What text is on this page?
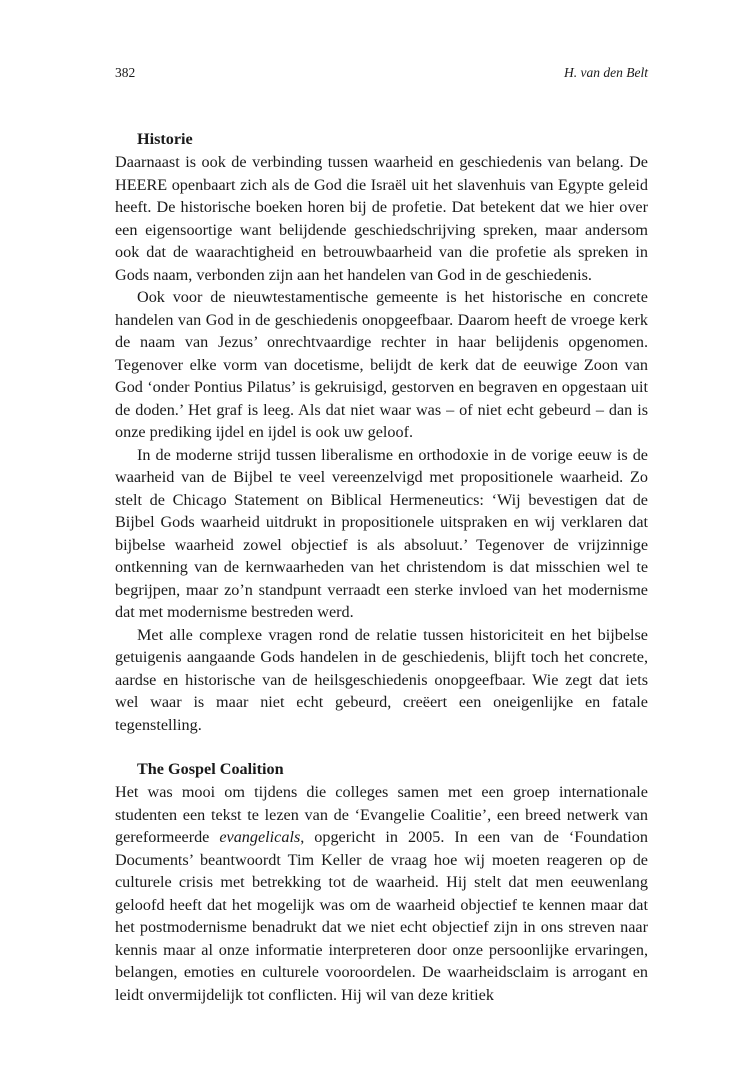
382	H. van den Belt
Historie

Daarnaast is ook de verbinding tussen waarheid en geschiedenis van belang. De HEERE openbaart zich als de God die Israël uit het slavenhuis van Egypte geleid heeft. De historische boeken horen bij de profetie. Dat betekent dat we hier over een eigensoortige want belijdende geschiedschrijving spreken, maar andersom ook dat de waarachtigheid en betrouwbaarheid van die profetie als spreken in Gods naam, verbonden zijn aan het handelen van God in de geschiedenis.

Ook voor de nieuwtestamentische gemeente is het historische en concrete handelen van God in de geschiedenis onopgeefbaar. Daarom heeft de vroege kerk de naam van Jezus’ onrechtvaardige rechter in haar belijdenis opgenomen. Tegenover elke vorm van docetisme, belijdt de kerk dat de eeuwige Zoon van God ‘onder Pontius Pilatus’ is gekruisigd, gestorven en begraven en opgestaan uit de doden.’ Het graf is leeg. Als dat niet waar was – of niet echt gebeurd – dan is onze prediking ijdel en ijdel is ook uw geloof.

In de moderne strijd tussen liberalisme en orthodoxie in de vorige eeuw is de waarheid van de Bijbel te veel vereenzelvigd met propositionele waarheid. Zo stelt de Chicago Statement on Biblical Hermeneutics: ‘Wij bevestigen dat de Bijbel Gods waarheid uitdrukt in propositionele uitspraken en wij verklaren dat bijbelse waarheid zowel objectief is als absoluut.’ Tegenover de vrijzinnige ontkenning van de kernwaarheden van het christendom is dat misschien wel te begrijpen, maar zo’n standpunt verraadt een sterke invloed van het modernisme dat met modernisme bestreden werd.

Met alle complexe vragen rond de relatie tussen historiciteit en het bijbelse getuigenis aangaande Gods handelen in de geschiedenis, blijft toch het concrete, aardse en historische van de heilsgeschiedenis onopgeefbaar. Wie zegt dat iets wel waar is maar niet echt gebeurd, creëert een oneigenlijke en fatale tegenstelling.

The Gospel Coalition

Het was mooi om tijdens die colleges samen met een groep internationale studenten een tekst te lezen van de ‘Evangelie Coalitie’, een breed netwerk van gereformeerde evangelicals, opgericht in 2005. In een van de ‘Foundation Documents’ beantwoordt Tim Keller de vraag hoe wij moeten reageren op de culturele crisis met betrekking tot de waarheid. Hij stelt dat men eeuwenlang geloofd heeft dat het mogelijk was om de waarheid objectief te kennen maar dat het postmodernisme benadrukt dat we niet echt objectief zijn in ons streven naar kennis maar al onze informatie interpreteren door onze persoonlijke ervaringen, belangen, emoties en culturele vooroordelen. De waarheidsclaim is arrogant en leidt onvermijdelijk tot conflicten. Hij wil van deze kritiek
